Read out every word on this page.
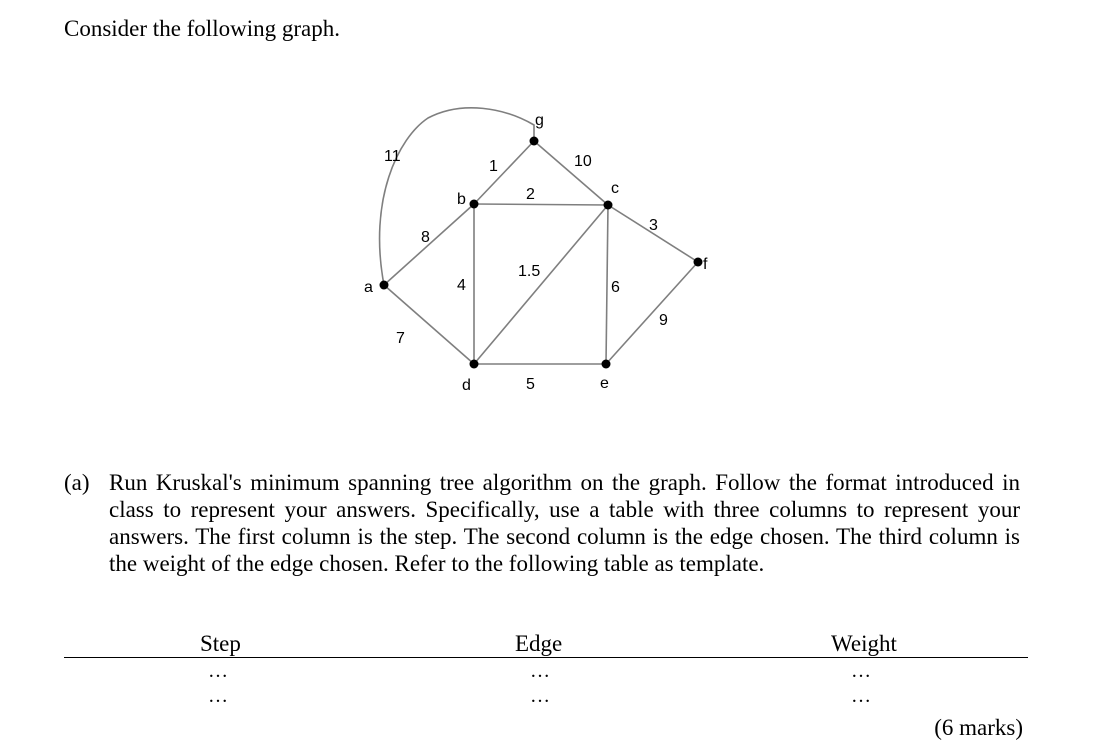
Consider the following graph.
11
1	10
2
8
3
1.5
4	6
9
7
5
a
b
c
d	e
f
g
(a) Run Kruskal's minimum spanning tree algorithm on the graph. Follow the format introduced in class to represent your answers. Specifically, use a table with three columns to represent your answers. The first column is the step. The second column is the edge chosen. The third column is the weight of the edge chosen. Refer to the following table as template.
Step	Edge	Weight
…	…	…
…	…	…
(6 marks)
